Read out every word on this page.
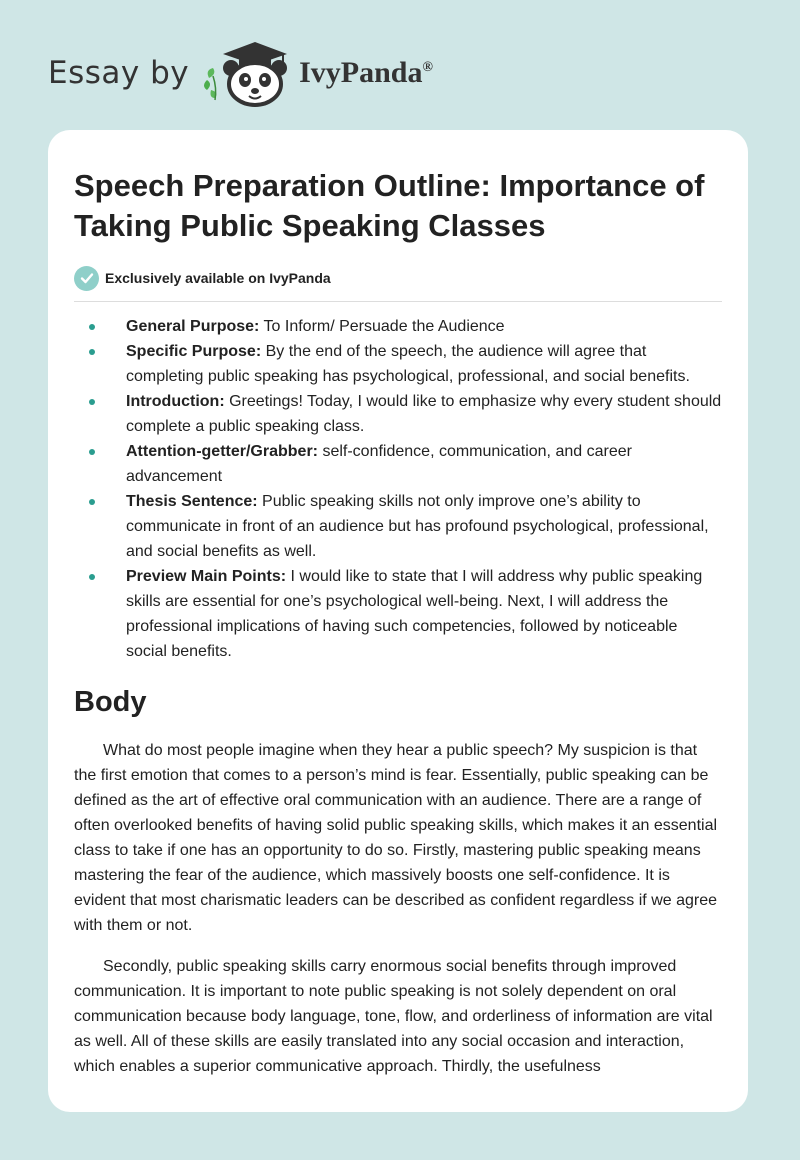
Essay by	IvyPanda®
Speech Preparation Outline: Importance of Taking Public Speaking Classes
Exclusively available on IvyPanda
General Purpose: To Inform/ Persuade the Audience
Specific Purpose: By the end of the speech, the audience will agree that completing public speaking has psychological, professional, and social benefits.
Introduction: Greetings! Today, I would like to emphasize why every student should complete a public speaking class.
Attention-getter/Grabber: self-confidence, communication, and career advancement
Thesis Sentence: Public speaking skills not only improve one’s ability to communicate in front of an audience but has profound psychological, professional, and social benefits as well.
Preview Main Points: I would like to state that I will address why public speaking skills are essential for one’s psychological well-being. Next, I will address the professional implications of having such competencies, followed by noticeable social benefits.
Body

What do most people imagine when they hear a public speech? My suspicion is that the first emotion that comes to a person’s mind is fear. Essentially, public speaking can be defined as the art of effective oral communication with an audience. There are a range of often overlooked benefits of having solid public speaking skills, which makes it an essential class to take if one has an opportunity to do so. Firstly, mastering public speaking means mastering the fear of the audience, which massively boosts one self-confidence. It is evident that most charismatic leaders can be described as confident regardless if we agree with them or not.

Secondly, public speaking skills carry enormous social benefits through improved communication. It is important to note public speaking is not solely dependent on oral communication because body language, tone, flow, and orderliness of information are vital as well. All of these skills are easily translated into any social occasion and interaction, which enables a superior communicative approach. Thirdly, the usefulness
